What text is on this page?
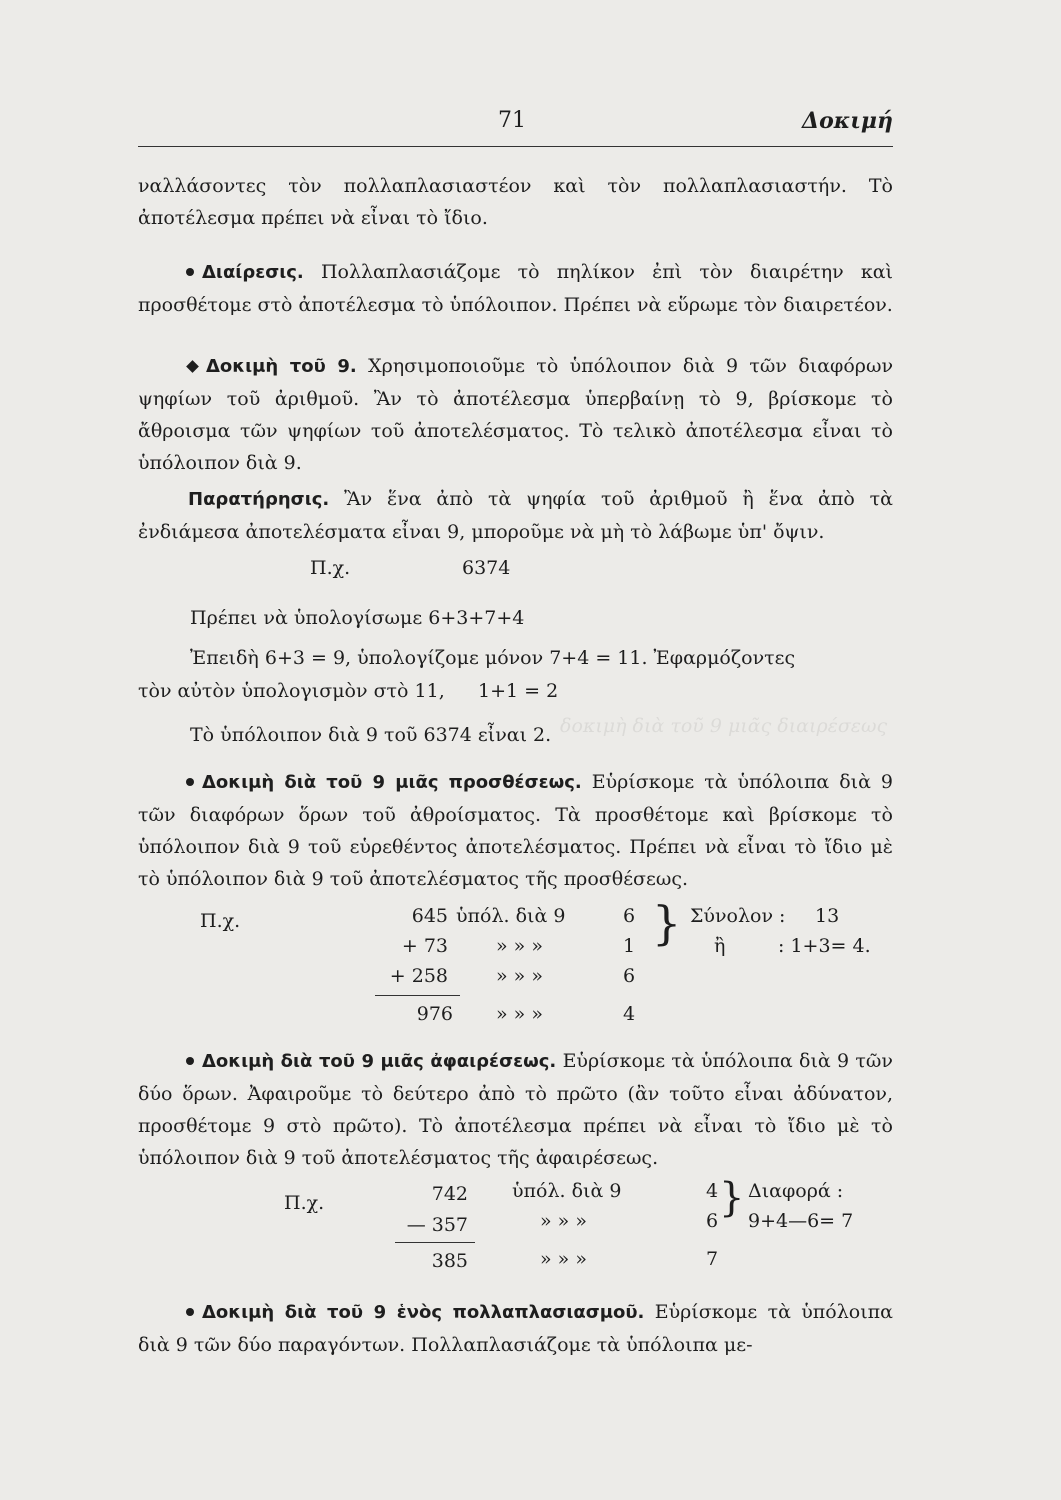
71	Δοκιμή

ναλλάσοντες τὸν πολλαπλασιαστέον καὶ τὸν πολλαπλασιαστήν. Τὸ ἀποτέλεσμα πρέπει νὰ εἶναι τὸ ἴδιο.

Διαίρεσις. Πολλαπλασιάζομε τὸ πηλίκον ἐπὶ τὸν διαιρέτην καὶ προσθέτομε στὸ ἀποτέλεσμα τὸ ὑπόλοιπον. Πρέπει νὰ εὕρωμε τὸν διαιρετέον.

Δοκιμὴ τοῦ 9. Χρησιμοποιοῦμε τὸ ὑπόλοιπον διὰ 9 τῶν διαφόρων ψηφίων τοῦ ἀριθμοῦ. Ἂν τὸ ἀποτέλεσμα ὑπερβαίνῃ τὸ 9, βρίσκομε τὸ ἄθροισμα τῶν ψηφίων τοῦ ἀποτελέσματος. Τὸ τελικὸ ἀποτέλεσμα εἶναι τὸ ὑπόλοιπον διὰ 9.

Παρατήρησις. Ἂν ἕνα ἀπὸ τὰ ψηφία τοῦ ἀριθμοῦ ἢ ἕνα ἀπὸ τὰ ἐνδιάμεσα ἀποτελέσματα εἶναι 9, μποροῦμε νὰ μὴ τὸ λάβωμε ὑπ' ὄψιν.

Π.χ.	6374
Πρέπει νὰ ὑπολογίσωμε 6+3+7+4
Ἐπειδὴ 6+3 = 9, ὑπολογίζομε μόνον 7+4 = 11. Ἐφαρμόζοντες
τὸν αὐτὸν ὑπολογισμὸν στὸ 11, 1+1 = 2
Τὸ ὑπόλοιπον διὰ 9 τοῦ 6374 εἶναι 2.

Δοκιμὴ διὰ τοῦ 9 μιᾶς προσθέσεως. Εὑρίσκομε τὰ ὑπόλοιπα διὰ 9 τῶν διαφόρων ὅρων τοῦ ἀθροίσματος. Τὰ προσθέτομε καὶ βρίσκομε τὸ ὑπόλοιπον διὰ 9 τοῦ εὑρεθέντος ἀποτελέσματος. Πρέπει νὰ εἶναι τὸ ἴδιο μὲ τὸ ὑπόλοιπον διὰ 9 τοῦ ἀποτελέσματος τῆς προσθέσεως.

Π.χ.	645 ὑπόλ. διὰ 9	6
+ 73	» » »	1
+ 258	» » »	6
976 » » »	4
} Σύνολον : 13
ἢ	: 1+3= 4.

Δοκιμὴ διὰ τοῦ 9 μιᾶς ἀφαιρέσεως. Εὑρίσκομε τὰ ὑπόλοιπα διὰ 9 τῶν δύο ὅρων. Ἀφαιροῦμε τὸ δεύτερο ἀπὸ τὸ πρῶτο (ἂν τοῦτο εἶναι ἀδύνατον, προσθέτομε 9 στὸ πρῶτο). Τὸ ἀποτέλεσμα πρέπει νὰ εἶναι τὸ ἴδιο μὲ τὸ ὑπόλοιπον διὰ 9 τοῦ ἀποτελέσματος τῆς ἀφαιρέσεως.

Π.χ.	742 ὑπόλ. διὰ 9	4
— 357	» » »	6
385	» » »	7
} Διαφορά :
9+4—6= 7

Δοκιμὴ διὰ τοῦ 9 ἑνὸς πολλαπλασιασμοῦ. Εὑρίσκομε τὰ ὑπόλοιπα διὰ 9 τῶν δύο παραγόντων. Πολλαπλασιάζομε τὰ ὑπόλοιπα με-

δοκιμὴ διὰ τοῦ 9 μιᾶς διαιρέσεως
